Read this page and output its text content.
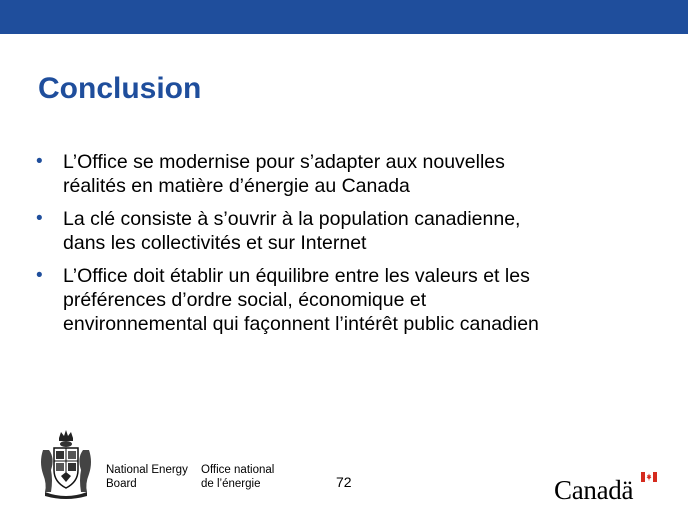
Conclusion
• L’Office se modernise pour s’adapter aux nouvelles
réalités en matière d’énergie au Canada
• La clé consiste à s’ouvrir à la population canadienne,
dans les collectivités et sur Internet
• L’Office doit établir un équilibre entre les valeurs et les
préférences d’ordre social, économique et
environnemental qui façonnent l’intérêt public canadien
National Energy
Board
Office national
de l’énergie	72	Canadä
